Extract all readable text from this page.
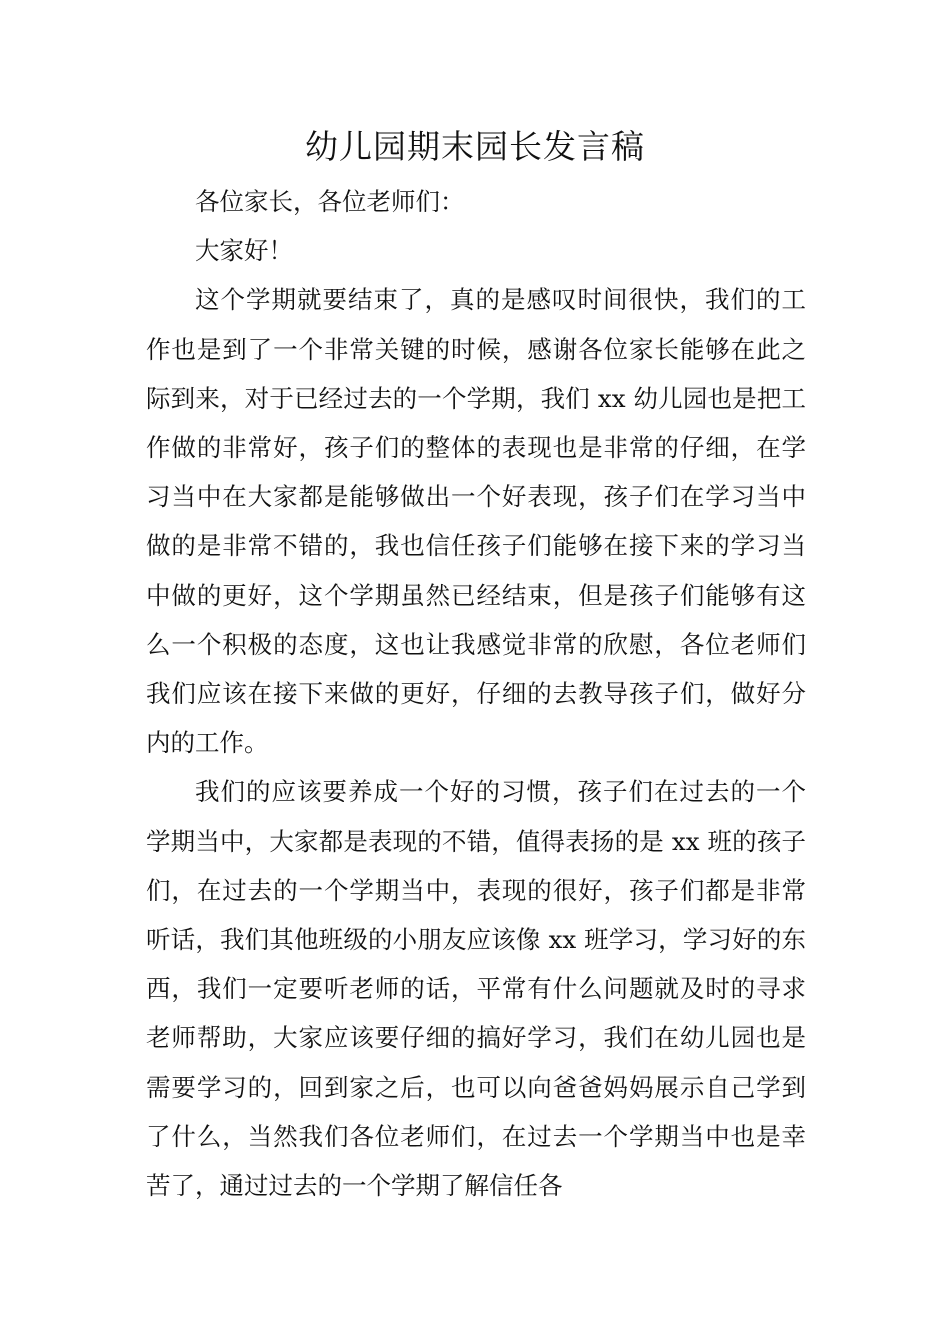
幼儿园期末园长发言稿

各位家长，各位老师们：

大家好！

这个学期就要结束了，真的是感叹时间很快，我们的工作也是到了一个非常关键的时候，感谢各位家长能够在此之际到来，对于已经过去的一个学期，我们 xx 幼儿园也是把工作做的非常好，孩子们的整体的表现也是非常的仔细，在学习当中在大家都是能够做出一个好表现，孩子们在学习当中做的是非常不错的，我也信任孩子们能够在接下来的学习当中做的更好，这个学期虽然已经结束，但是孩子们能够有这么一个积极的态度，这也让我感觉非常的欣慰，各位老师们我们应该在接下来做的更好，仔细的去教导孩子们，做好分内的工作。

我们的应该要养成一个好的习惯，孩子们在过去的一个学期当中，大家都是表现的不错，值得表扬的是 xx 班的孩子们，在过去的一个学期当中，表现的很好，孩子们都是非常听话，我们其他班级的小朋友应该像 xx 班学习，学习好的东西，我们一定要听老师的话，平常有什么问题就及时的寻求老师帮助，大家应该要仔细的搞好学习，我们在幼儿园也是需要学习的，回到家之后，也可以向爸爸妈妈展示自己学到了什么，当然我们各位老师们，在过去一个学期当中也是幸苦了，通过过去的一个学期了解信任各
